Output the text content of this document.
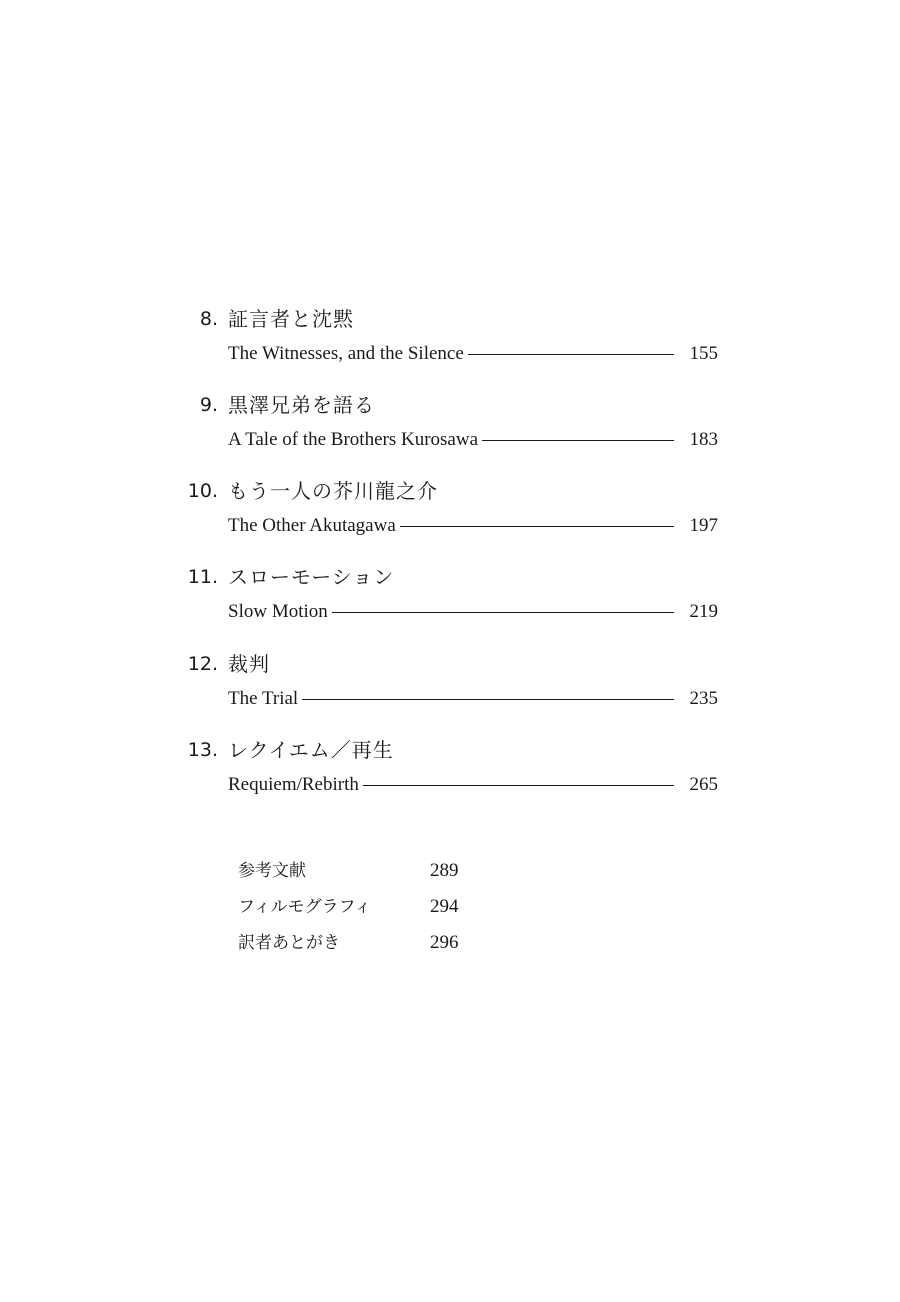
8. 証言者と沈黙
The Witnesses, and the Silence	155
9. 黒澤兄弟を語る
A Tale of the Brothers Kurosawa	183
10. もう一人の芥川龍之介
The Other Akutagawa	197
11. スローモーション
Slow Motion	219
12. 裁判
The Trial	235
13. レクイエム／再生
Requiem/Rebirth	265
参考文献	289
フィルモグラフィ	294
訳者あとがき	296
